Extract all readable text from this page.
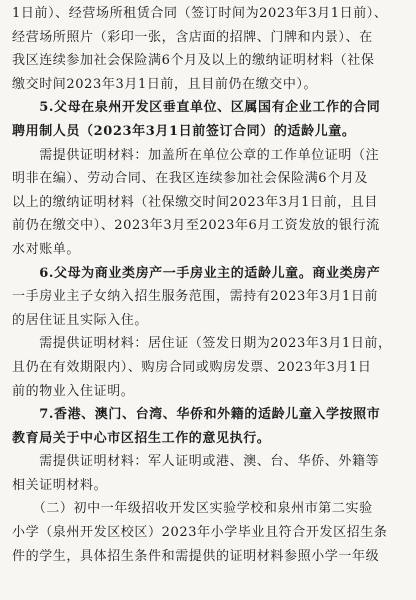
1日前）、经营场所租赁合同（签订时间为2023年3月1日前）、
经营场所照片（彩印一张，含店面的招牌、门牌和内景）、在
我区连续参加社会保险满6个月及以上的缴纳证明材料（社保
缴交时间2023年3月1日前，且目前仍在缴交中）。
　　5.父母在泉州开发区垂直单位、区属国有企业工作的合同
聘用制人员（2023年3月1日前签订合同）的适龄儿童。
　　需提供证明材料：加盖所在单位公章的工作单位证明（注
明非在编）、劳动合同、在我区连续参加社会保险满6个月及
以上的缴纳证明材料（社保缴交时间2023年3月1日前，且目
前仍在缴交中）、2023年3月至2023年6月工资发放的银行流
水对账单。
　　6.父母为商业类房产一手房业主的适龄儿童。商业类房产
一手房业主子女纳入招生服务范围，需持有2023年3月1日前
的居住证且实际入住。
　　需提供证明材料：居住证（签发日期为2023年3月1日前，
且仍在有效期限内）、购房合同或购房发票、2023年3月1日
前的物业入住证明。
　　7.香港、澳门、台湾、华侨和外籍的适龄儿童入学按照市
教育局关于中心市区招生工作的意见执行。
　　需提供证明材料：军人证明或港、澳、台、华侨、外籍等
相关证明材料。
　　（二）初中一年级招收开发区实验学校和泉州市第二实验
小学（泉州开发区校区）2023年小学毕业且符合开发区招生条
件的学生，具体招生条件和需提供的证明材料参照小学一年级
